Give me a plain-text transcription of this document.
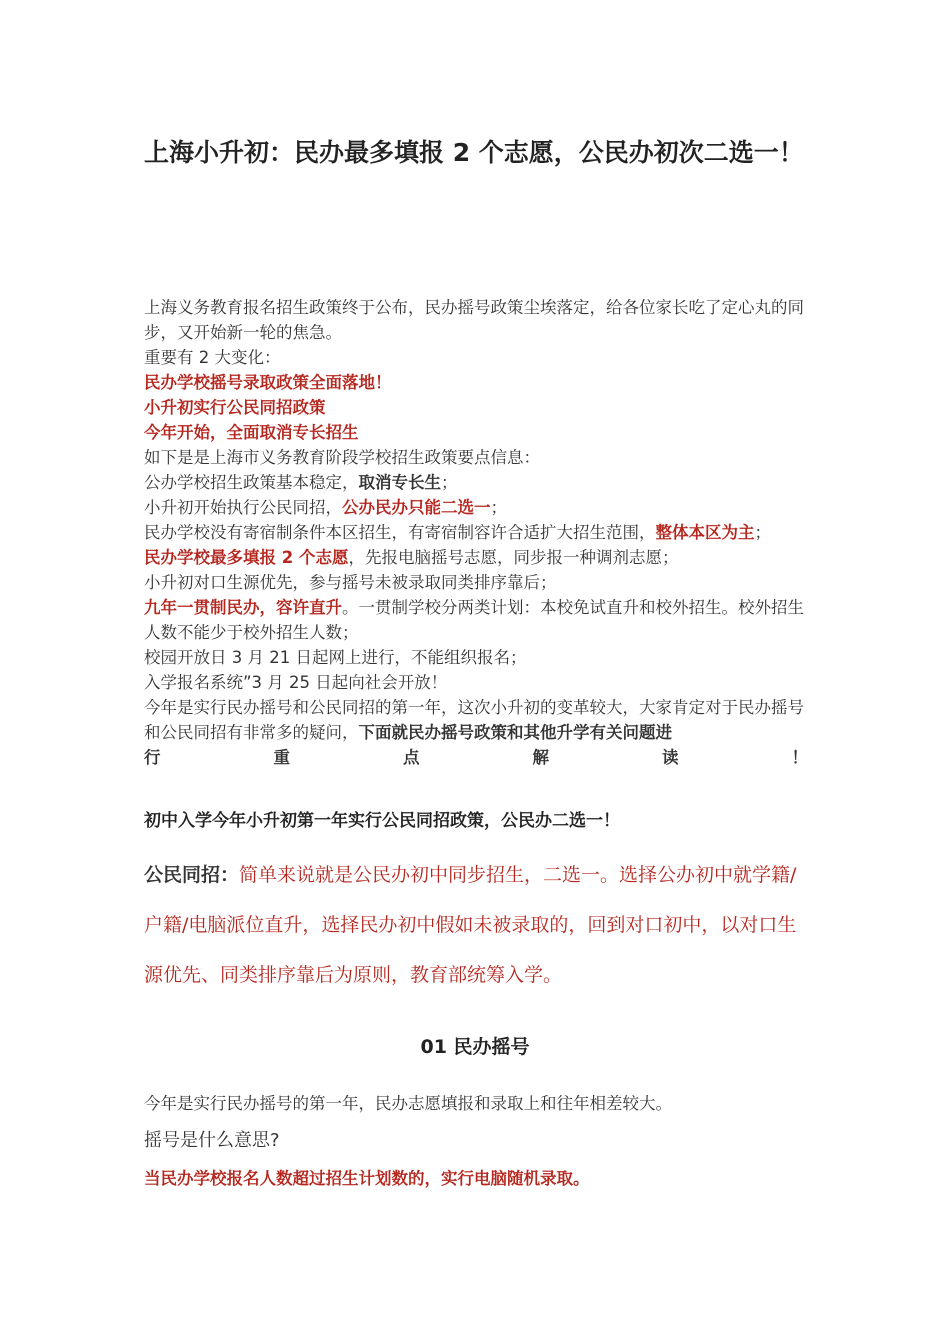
上海小升初：民办最多填报 2 个志愿，公民办初次二选一！

上海义务教育报名招生政策终于公布，民办摇号政策尘埃落定，给各位家长吃了定心丸的同步，又开始新一轮的焦急。

重要有 2 大变化：

民办学校摇号录取政策全面落地！

小升初实行公民同招政策

今年开始，全面取消专长招生

如下是是上海市义务教育阶段学校招生政策要点信息：

公办学校招生政策基本稳定，取消专长生；

小升初开始执行公民同招，公办民办只能二选一；

民办学校没有寄宿制条件本区招生，有寄宿制容许合适扩大招生范围，整体本区为主；

民办学校最多填报 2 个志愿，先报电脑摇号志愿，同步报一种调剂志愿；

小升初对口生源优先，参与摇号未被录取同类排序靠后；

九年一贯制民办，容许直升。一贯制学校分两类计划：本校免试直升和校外招生。校外招生人数不能少于校外招生人数；

校园开放日 3 月 21 日起网上进行，不能组织报名；

入学报名系统”3 月 25 日起向社会开放！

今年是实行民办摇号和公民同招的第一年，这次小升初的变革较大，大家肯定对于民办摇号和公民同招有非常多的疑问，下面就民办摇号政策和其他升学有关问题进

行重点解读！

初中入学今年小升初第一年实行公民同招政策，公民办二选一！

公民同招：简单来说就是公民办初中同步招生，二选一。选择公办初中就学籍/户籍/电脑派位直升，选择民办初中假如未被录取的，回到对口初中，以对口生源优先、同类排序靠后为原则，教育部统筹入学。

01 民办摇号

今年是实行民办摇号的第一年，民办志愿填报和录取上和往年相差较大。

摇号是什么意思?

当民办学校报名人数超过招生计划数的，实行电脑随机录取。
